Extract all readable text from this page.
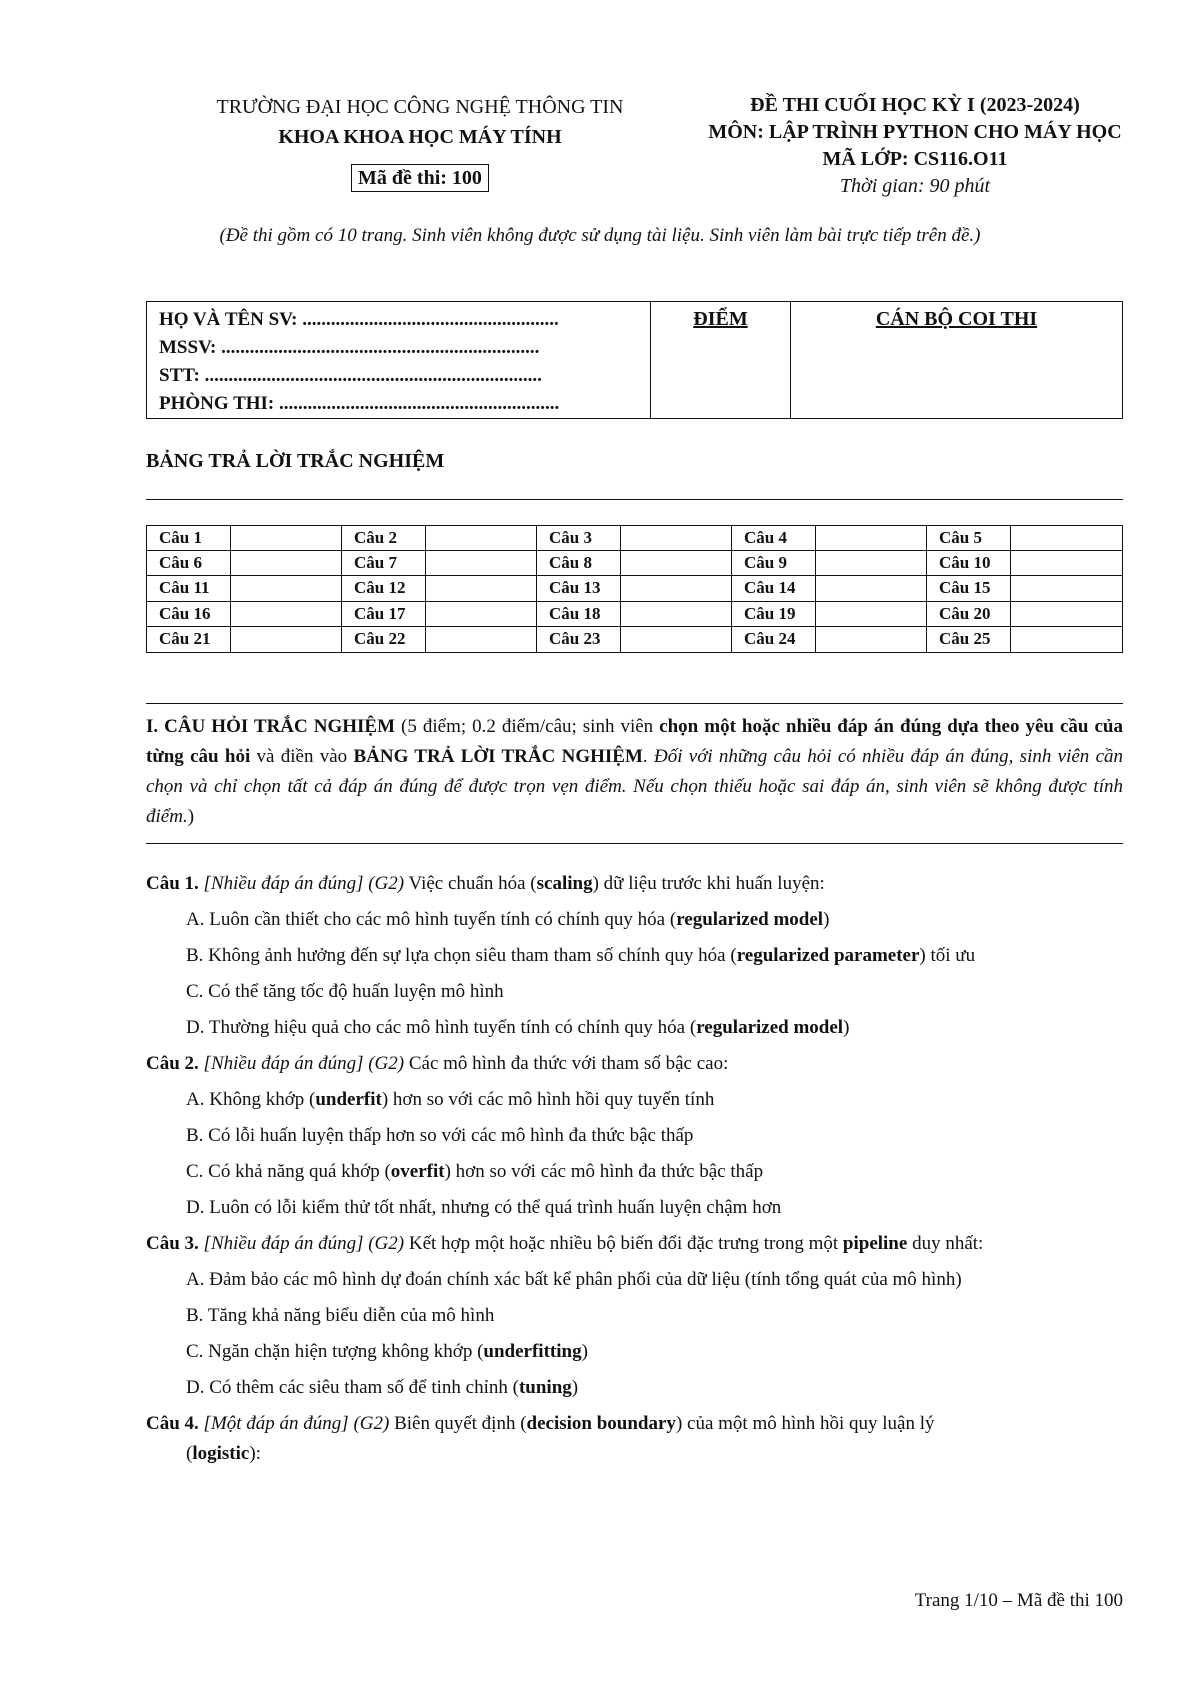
TRƯỜNG ĐẠI HỌC CÔNG NGHỆ THÔNG TIN
KHOA KHOA HỌC MÁY TÍNH
Mã đề thi: 100
ĐỀ THI CUỐI HỌC KỲ I (2023-2024)
MÔN: LẬP TRÌNH PYTHON CHO MÁY HỌC
MÃ LỚP: CS116.O11
Thời gian: 90 phút
(Đề thi gồm có 10 trang. Sinh viên không được sử dụng tài liệu. Sinh viên làm bài trực tiếp trên đề.)
HỌ VÀ TÊN SV: ......................................................
MSSV: ...................................................................
STT: .......................................................................
PHÒNG THI: ...........................................................
ĐIỂM	CÁN BỘ COI THI
BẢNG TRẢ LỜI TRẮC NGHIỆM
Câu 1	Câu 2	Câu 3	Câu 4	Câu 5
Câu 6	Câu 7	Câu 8	Câu 9	Câu 10
Câu 11	Câu 12	Câu 13	Câu 14	Câu 15
Câu 16	Câu 17	Câu 18	Câu 19	Câu 20
Câu 21	Câu 22	Câu 23	Câu 24	Câu 25
I. CÂU HỎI TRẮC NGHIỆM (5 điểm; 0.2 điểm/câu; sinh viên chọn một hoặc nhiều đáp án đúng dựa theo yêu cầu của từng câu hỏi và điền vào BẢNG TRẢ LỜI TRẮC NGHIỆM. Đối với những câu hỏi có nhiều đáp án đúng, sinh viên cần chọn và chỉ chọn tất cả đáp án đúng để được trọn vẹn điểm. Nếu chọn thiếu hoặc sai đáp án, sinh viên sẽ không được tính điểm.)
Câu 1. [Nhiều đáp án đúng] (G2) Việc chuẩn hóa (scaling) dữ liệu trước khi huấn luyện:
A. Luôn cần thiết cho các mô hình tuyến tính có chính quy hóa (regularized model)
B. Không ảnh hưởng đến sự lựa chọn siêu tham tham số chính quy hóa (regularized parameter) tối ưu
C. Có thể tăng tốc độ huấn luyện mô hình
D. Thường hiệu quả cho các mô hình tuyến tính có chính quy hóa (regularized model)
Câu 2. [Nhiều đáp án đúng] (G2) Các mô hình đa thức với tham số bậc cao:
A. Không khớp (underfit) hơn so với các mô hình hồi quy tuyến tính
B. Có lỗi huấn luyện thấp hơn so với các mô hình đa thức bậc thấp
C. Có khả năng quá khớp (overfit) hơn so với các mô hình đa thức bậc thấp
D. Luôn có lỗi kiểm thử tốt nhất, nhưng có thể quá trình huấn luyện chậm hơn
Câu 3. [Nhiều đáp án đúng] (G2) Kết hợp một hoặc nhiều bộ biến đổi đặc trưng trong một pipeline duy nhất:
A. Đảm bảo các mô hình dự đoán chính xác bất kể phân phối của dữ liệu (tính tổng quát của mô hình)
B. Tăng khả năng biểu diễn của mô hình
C. Ngăn chặn hiện tượng không khớp (underfitting)
D. Có thêm các siêu tham số để tinh chỉnh (tuning)
Câu 4. [Một đáp án đúng] (G2) Biên quyết định (decision boundary) của một mô hình hồi quy luận lý
(logistic):
Trang 1/10 – Mã đề thi 100
